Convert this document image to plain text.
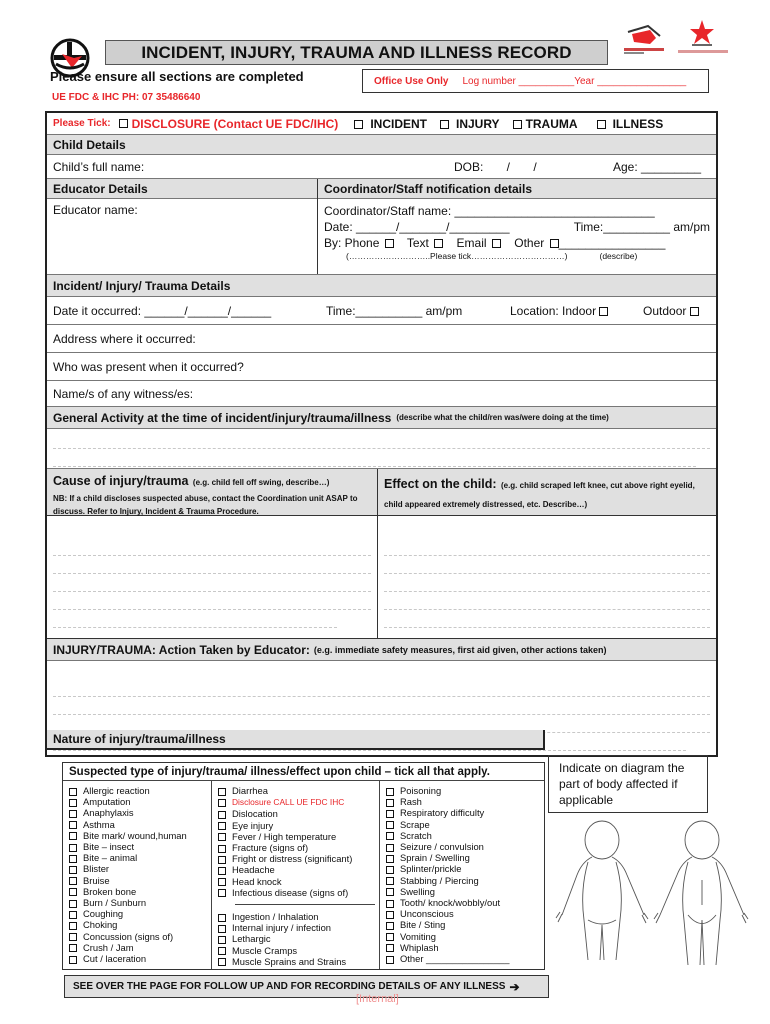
INCIDENT, INJURY, TRAUMA AND ILLNESS RECORD
Please ensure all sections are completed
UE FDC & IHC PH: 07 35486640
Office Use Only Log number __________Year ________________
Please Tick: DISCLOSURE (Contact UE FDC/IHC)	INCIDENT	INJURY	TRAUMA	ILLNESS
Child Details
Child’s full name:	DOB:       /       /	Age: _________
Educator Details
Educator name:
Coordinator/Staff notification details
Coordinator/Staff name: ______________________________
Date: ______/_______/_________	Time:__________ am/pm
By: Phone Text Email Other ________________
(………………………..Please tick……………………………)	(describe)
Incident/ Injury/ Trauma Details
Date it occurred: ______/______/______	Time:__________ am/pm	Location: Indoor	Outdoor
Address where it occurred:
Who was present when it occurred?
Name/s of any witness/es:
General Activity at the time of incident/injury/trauma/illness (describe what the child/ren was/were doing at the time)
Cause of injury/trauma (e.g. child fell off swing, describe…)
NB: If a child discloses suspected abuse, contact the Coordination unit ASAP to discuss. Refer to Injury, Incident & Trauma Procedure.
Effect on the child: (e.g. child scraped left knee, cut above right eyelid, child appeared extremely distressed, etc. Describe…)
INJURY/TRAUMA: Action Taken by Educator: (e.g. immediate safety measures, first aid given, other actions taken)
Nature of injury/trauma/illness
Suspected type of injury/trauma/ illness/effect upon child – tick all that apply.
Allergic reaction
Amputation
Anaphylaxis
Asthma
Bite mark/ wound,human
Bite – insect
Bite – animal
Blister
Bruise
Broken bone
Burn / Sunburn
Coughing
Choking
Concussion (signs of)
Crush / Jam
Cut / laceration
Diarrhea
Disclosure CALL UE FDC IHC
Dislocation
Eye injury
Fever / High temperature
Fracture (signs of)
Fright or distress (significant)
Headache
Head knock
Infectious disease (signs of)
Ingestion / Inhalation
Internal injury / infection
Lethargic
Muscle Cramps
Muscle Sprains and Strains
Poisoning
Rash
Respiratory difficulty
Scrape
Scratch
Seizure / convulsion
Sprain / Swelling
Splinter/prickle
Stabbing / Piercing
Swelling
Tooth/ knock/wobbly/out
Unconscious
Bite / Sting
Vomiting
Whiplash
Other ________________
Indicate on diagram the part of body affected if applicable
SEE OVER THE PAGE FOR FOLLOW UP AND FOR RECORDING DETAILS OF ANY ILLNESS ➔
[Internal]
